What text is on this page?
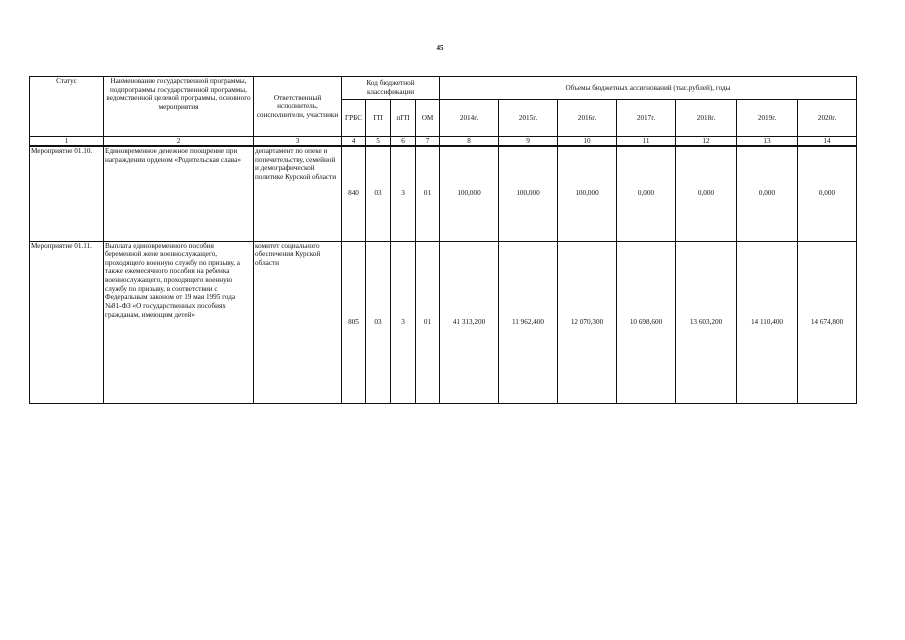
45
Статус	Наименование государственной программы, подпрограммы государственной программы, ведомственной целевой программы, основного мероприятия	Ответственный исполнитель, соисполнители, участники	Код бюджетной классификации				Объемы бюджетных ассигнований (тыс.рублей), годы						
			ГРБС	ГП	пГП	ОМ	2014г.	2015г.	2016г.	2017г.	2018г.	2019г.	2020г.
1	2	3	4	5	6	7	8	9	10	11	12	13	14
Мероприятие 01.10.	Единовременное денежное поощрение при награждении орденом «Родительская слава»	департамент по опеке и попечительству, семейной и демографической политике Курской области	840	03	3	01	100,000	100,000	100,000	0,000	0,000	0,000	0,000
Мероприятие 01.11.	Выплата единовременного пособия беременной жене военнослужащего, проходящего военную службу по призыву, а также ежемесячного пособия на ребенка военнослужащего, проходящего военную службу по призыву, в соответствии с Федеральным законом от 19 мая 1995 года №81-ФЗ «О государственных пособиях гражданам, имеющим детей»	комитет социального обеспечения Курской области	805	03	3	01	41 313,200	11 962,400	12 070,300	10 698,600	13 603,200	14 110,400	14 674,800
